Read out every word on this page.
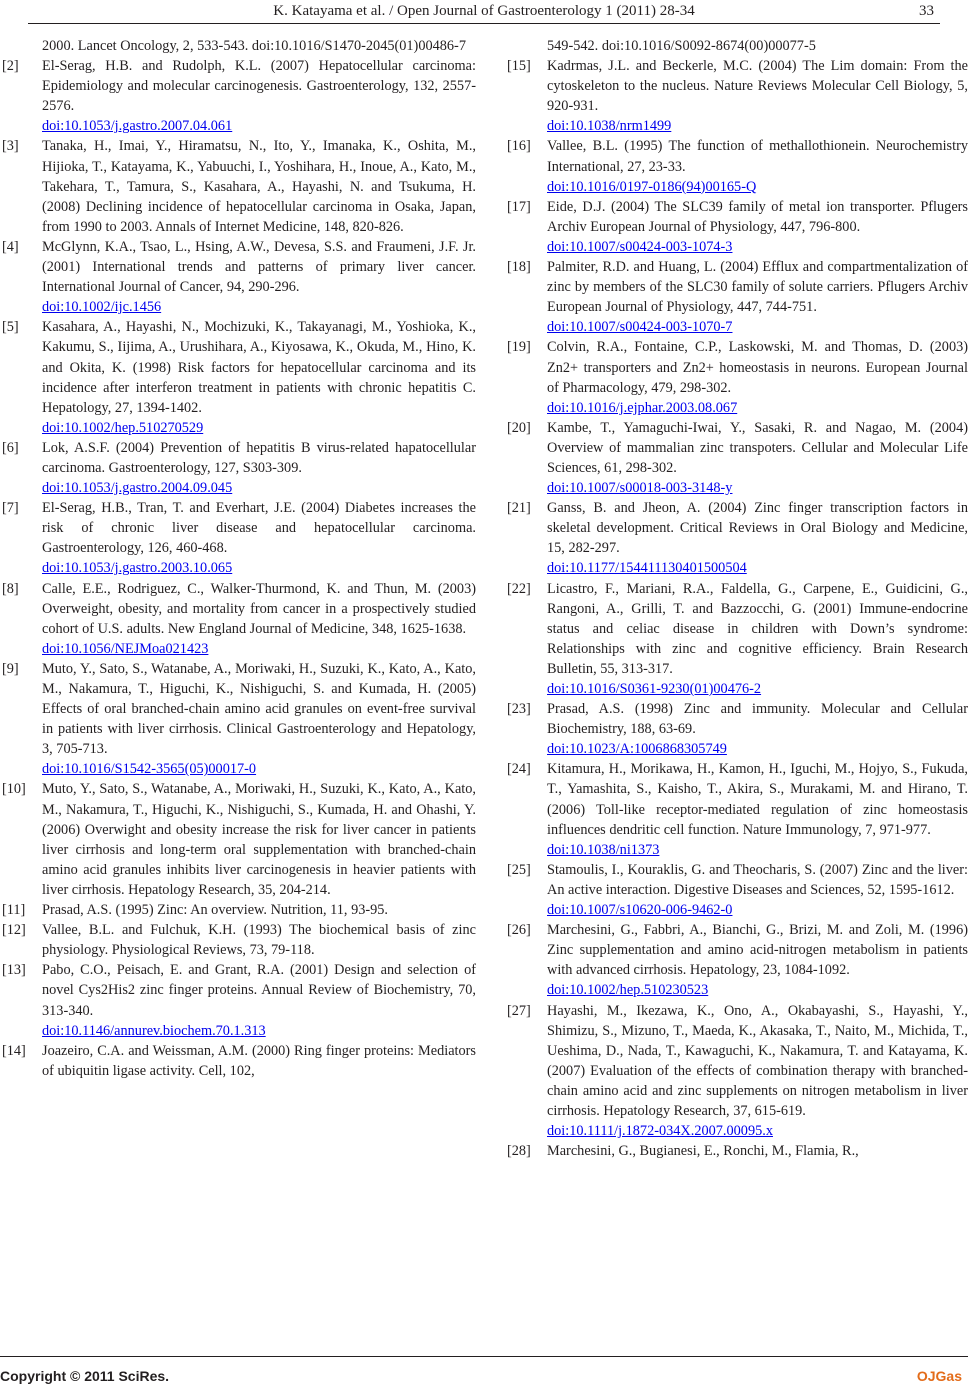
K. Katayama et al. / Open Journal of Gastroenterology 1 (2011) 28-34	33
2000. Lancet Oncology, 2, 533-543. doi:10.1016/S1470-2045(01)00486-7
[2] El-Serag, H.B. and Rudolph, K.L. (2007) Hepatocellular carcinoma: Epidemiology and molecular carcinogenesis. Gastroenterology, 132, 2557-2576.

doi:10.1053/j.gastro.2007.04.061
[3] Tanaka, H., Imai, Y., Hiramatsu, N., Ito, Y., Imanaka, K., Oshita, M., Hijioka, T., Katayama, K., Yabuuchi, I., Yoshihara, H., Inoue, A., Kato, M., Takehara, T., Tamura, S., Kasahara, A., Hayashi, N. and Tsukuma, H. (2008) Declining incidence of hepatocellular carcinoma in Osaka, Japan, from 1990 to 2003. Annals of Internet Medicine, 148, 820-826.

[4] McGlynn, K.A., Tsao, L., Hsing, A.W., Devesa, S.S. and Fraumeni, J.F. Jr. (2001) International trends and patterns of primary liver cancer. International Journal of Cancer, 94, 290-296.

doi:10.1002/ijc.1456
[5] Kasahara, A., Hayashi, N., Mochizuki, K., Takayanagi, M., Yoshioka, K., Kakumu, S., Iijima, A., Urushihara, A., Kiyosawa, K., Okuda, M., Hino, K. and Okita, K. (1998) Risk factors for hepatocellular carcinoma and its incidence after interferon treatment in patients with chronic hepatitis C. Hepatology, 27, 1394-1402.

doi:10.1002/hep.510270529
[6] Lok, A.S.F. (2004) Prevention of hepatitis B virus-related hapatocellular carcinoma. Gastroenterology, 127, S303-309.

doi:10.1053/j.gastro.2004.09.045
[7] El-Serag, H.B., Tran, T. and Everhart, J.E. (2004) Diabetes increases the risk of chronic liver disease and hepatocellular carcinoma. Gastroenterology, 126, 460-468.

doi:10.1053/j.gastro.2003.10.065
[8] Calle, E.E., Rodriguez, C., Walker-Thurmond, K. and Thun, M. (2003) Overweight, obesity, and mortality from cancer in a prospectively studied cohort of U.S. adults. New England Journal of Medicine, 348, 1625-1638.

doi:10.1056/NEJMoa021423
[9] Muto, Y., Sato, S., Watanabe, A., Moriwaki, H., Suzuki, K., Kato, A., Kato, M., Nakamura, T., Higuchi, K., Nishiguchi, S. and Kumada, H. (2005) Effects of oral branched-chain amino acid granules on event-free survival in patients with liver cirrhosis. Clinical Gastroenterology and Hepatology, 3, 705-713.

doi:10.1016/S1542-3565(05)00017-0
[10] Muto, Y., Sato, S., Watanabe, A., Moriwaki, H., Suzuki, K., Kato, A., Kato, M., Nakamura, T., Higuchi, K., Nishiguchi, S., Kumada, H. and Ohashi, Y. (2006) Overwight and obesity increase the risk for liver cancer in patients liver cirrhosis and long-term oral supplementation with branched-chain amino acid granules inhibits liver carcinogenesis in heavier patients with liver cirrhosis. Hepatology Research, 35, 204-214.

[11] Prasad, A.S. (1995) Zinc: An overview. Nutrition, 11, 93-95.

[12] Vallee, B.L. and Fulchuk, K.H. (1993) The biochemical basis of zinc physiology. Physiological Reviews, 73, 79-118.

[13] Pabo, C.O., Peisach, E. and Grant, R.A. (2001) Design and selection of novel Cys2His2 zinc finger proteins. Annual Review of Biochemistry, 70, 313-340.

doi:10.1146/annurev.biochem.70.1.313
[14] Joazeiro, C.A. and Weissman, A.M. (2000) Ring finger proteins: Mediators of ubiquitin ligase activity. Cell, 102,

549-542. doi:10.1016/S0092-8674(00)00077-5
[15] Kadrmas, J.L. and Beckerle, M.C. (2004) The Lim domain: From the cytoskeleton to the nucleus. Nature Reviews Molecular Cell Biology, 5, 920-931.

doi:10.1038/nrm1499
[16] Vallee, B.L. (1995) The function of methallothionein. Neurochemistry International, 27, 23-33.

doi:10.1016/0197-0186(94)00165-Q
[17] Eide, D.J. (2004) The SLC39 family of metal ion transporter. Pflugers Archiv European Journal of Physiology, 447, 796-800.

doi:10.1007/s00424-003-1074-3
[18] Palmiter, R.D. and Huang, L. (2004) Efflux and compartmentalization of zinc by members of the SLC30 family of solute carriers. Pflugers Archiv European Journal of Physiology, 447, 744-751.

doi:10.1007/s00424-003-1070-7
[19] Colvin, R.A., Fontaine, C.P., Laskowski, M. and Thomas, D. (2003) Zn2+ transporters and Zn2+ homeostasis in neurons. European Journal of Pharmacology, 479, 298-302.

doi:10.1016/j.ejphar.2003.08.067
[20] Kambe, T., Yamaguchi-Iwai, Y., Sasaki, R. and Nagao, M. (2004) Overview of mammalian zinc transpoters. Cellular and Molecular Life Sciences, 61, 298-302.

doi:10.1007/s00018-003-3148-y
[21] Ganss, B. and Jheon, A. (2004) Zinc finger transcription factors in skeletal development. Critical Reviews in Oral Biology and Medicine, 15, 282-297.

doi:10.1177/154411130401500504
[22] Licastro, F., Mariani, R.A., Faldella, G., Carpene, E., Guidicini, G., Rangoni, A., Grilli, T. and Bazzocchi, G. (2001) Immune-endocrine status and celiac disease in children with Down’s syndrome: Relationships with zinc and cognitive efficiency. Brain Research Bulletin, 55, 313-317.

doi:10.1016/S0361-9230(01)00476-2
[23] Prasad, A.S. (1998) Zinc and immunity. Molecular and Cellular Biochemistry, 188, 63-69.

doi:10.1023/A:1006868305749
[24] Kitamura, H., Morikawa, H., Kamon, H., Iguchi, M., Hojyo, S., Fukuda, T., Yamashita, S., Kaisho, T., Akira, S., Murakami, M. and Hirano, T. (2006) Toll-like receptor-mediated regulation of zinc homeostasis influences dendritic cell function. Nature Immunology, 7, 971-977.

doi:10.1038/ni1373
[25] Stamoulis, I., Kouraklis, G. and Theocharis, S. (2007) Zinc and the liver: An active interaction. Digestive Diseases and Sciences, 52, 1595-1612.

doi:10.1007/s10620-006-9462-0
[26] Marchesini, G., Fabbri, A., Bianchi, G., Brizi, M. and Zoli, M. (1996) Zinc supplementation and amino acid-nitrogen metabolism in patients with advanced cirrhosis. Hepatology, 23, 1084-1092.

doi:10.1002/hep.510230523
[27] Hayashi, M., Ikezawa, K., Ono, A., Okabayashi, S., Hayashi, Y., Shimizu, S., Mizuno, T., Maeda, K., Akasaka, T., Naito, M., Michida, T., Ueshima, D., Nada, T., Kawaguchi, K., Nakamura, T. and Katayama, K. (2007) Evaluation of the effects of combination therapy with branched-chain amino acid and zinc supplements on nitrogen metabolism in liver cirrhosis. Hepatology Research, 37, 615-619.

doi:10.1111/j.1872-034X.2007.00095.x
[28] Marchesini, G., Bugianesi, E., Ronchi, M., Flamia, R.,

Copyright © 2011 SciRes.	OJGas
